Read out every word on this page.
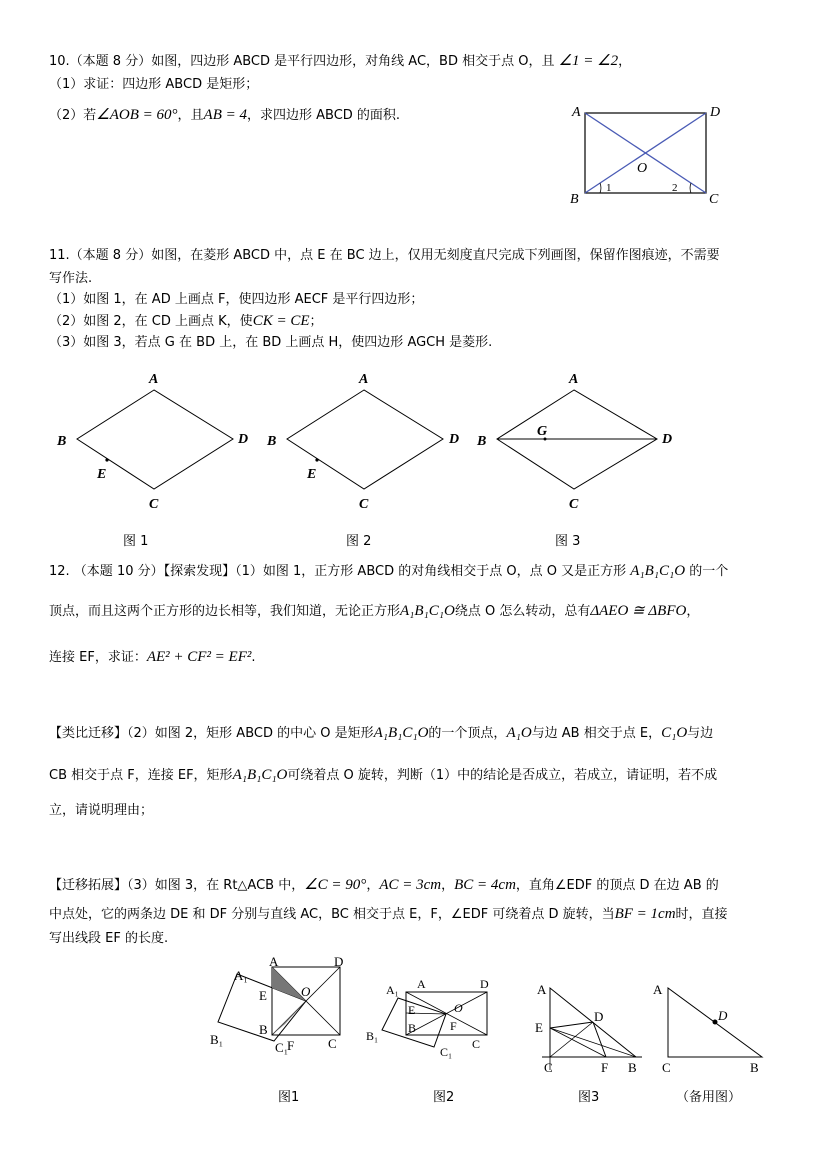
10.（本题 8 分）如图，四边形 ABCD 是平行四边形，对角线 AC，BD 相交于点 O，且 ∠1 = ∠2，
（1）求证：四边形 ABCD 是矩形；
（2）若∠AOB = 60°，且AB = 4，求四边形 ABCD 的面积.	A	D
B	C
O
1	2
11.（本题 8 分）如图，在菱形 ABCD 中，点 E 在 BC 边上，仅用无刻度直尺完成下列画图，保留作图痕迹，不需要
写作法.
（1）如图 1，在 AD 上画点 F，使四边形 AECF 是平行四边形；
（2）如图 2，在 CD 上画点 K，使CK = CE；
（3）如图 3，若点 G 在 BD 上，在 BD 上画点 H，使四边形 AGCH 是菱形.
A
B	D
C
E
图 1
A
B	D
C
E
图 2
A
B	D
C
G
图 3
12. （本题 10 分）【探索发现】（1）如图 1，正方形 ABCD 的对角线相交于点 O，点 O 又是正方形 A₁B₁C₁O 的一个
顶点，而且这两个正方形的边长相等，我们知道，无论正方形A₁B₁C₁O绕点 O 怎么转动，总有ΔAEO ≅ ΔBFO，
连接 EF，求证：AE² + CF² = EF².
【类比迁移】（2）如图 2，矩形 ABCD 的中心 O 是矩形A₁B₁C₁O的一个顶点，A₁O与边 AB 相交于点 E，C₁O与边
CB 相交于点 F，连接 EF，矩形A₁B₁C₁O可绕着点 O 旋转，判断（1）中的结论是否成立，若成立，请证明，若不成
立，请说明理由；
【迁移拓展】（3）如图 3，在 Rt△ACB 中，∠C = 90°，AC = 3cm，BC = 4cm，直角∠EDF 的顶点 D 在边 AB 的
中点处，它的两条边 DE 和 DF 分别与直线 AC，BC 相交于点 E，F，∠EDF 可绕着点 D 旋转，当BF = 1cm时，直接
写出线段 EF 的长度.
A₁
A	D
E	O
B
B₁	F	C
C₁
图1
A₁ A	D
E	O
F
B
B₁
C
C₁
图2
A
D
E
C	F B
图3
A
D
C	B
（备用图）
